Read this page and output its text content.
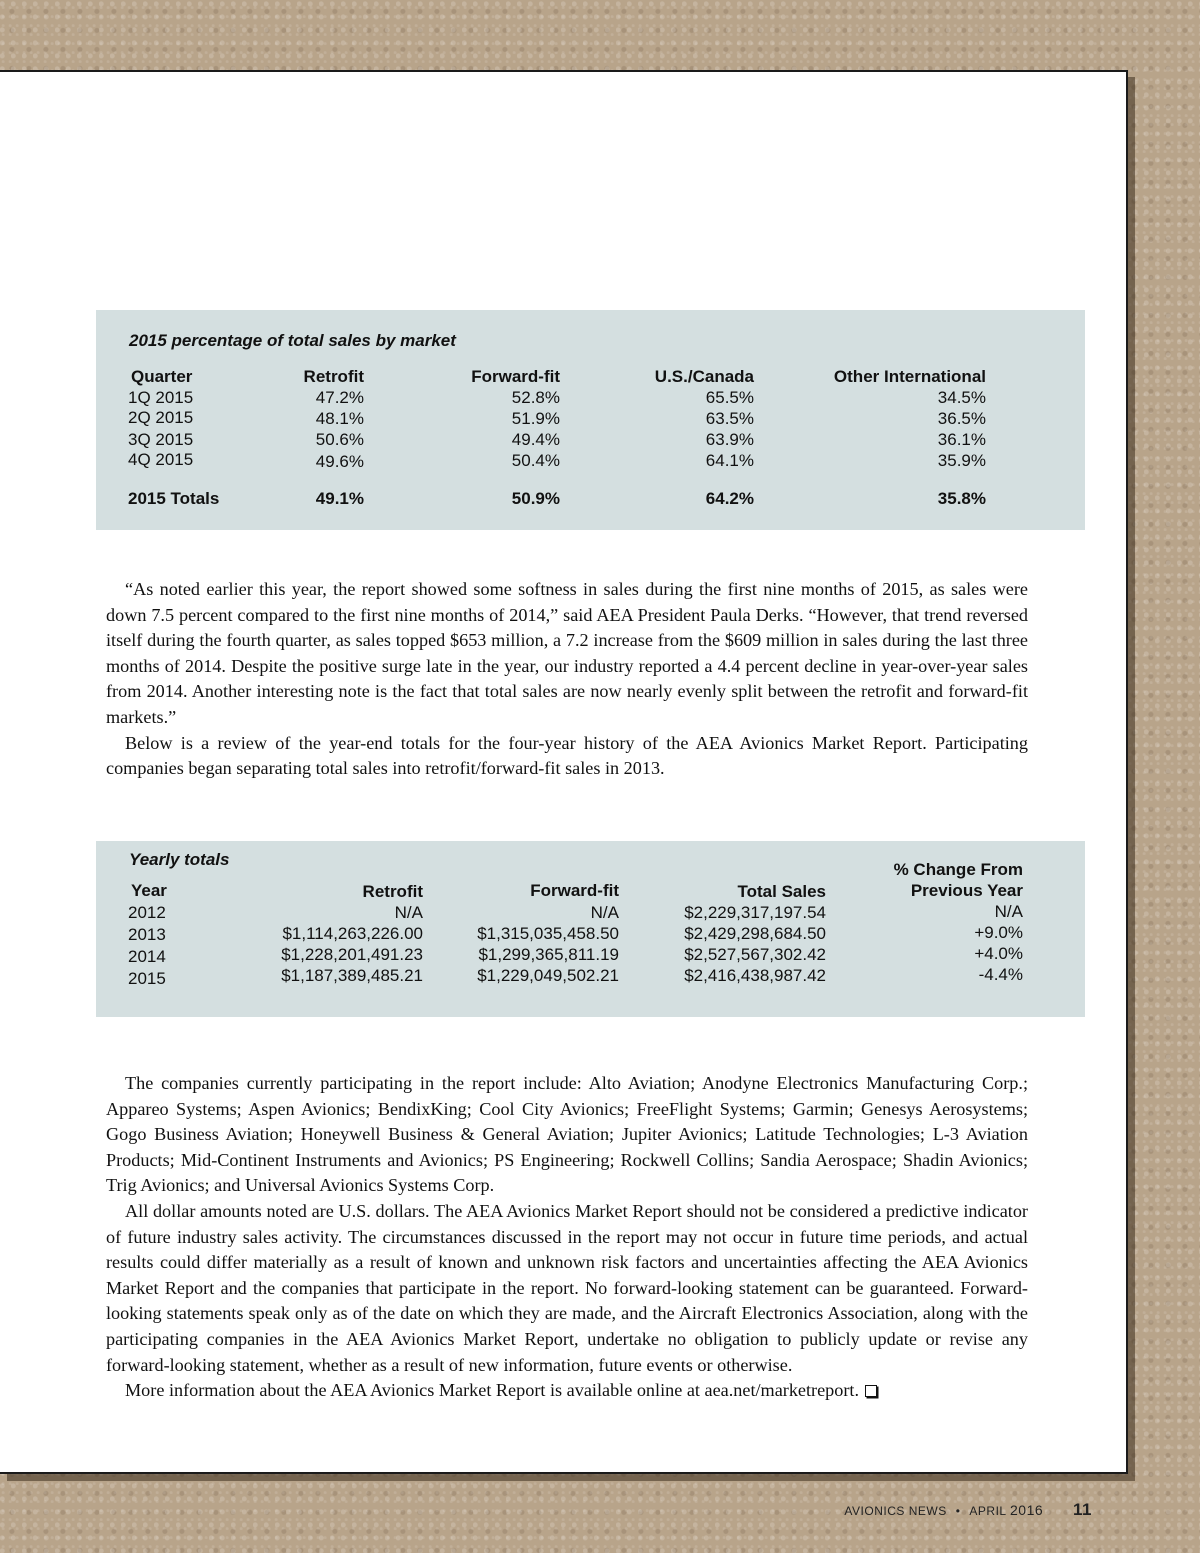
2015 percentage of total sales by market
Quarter	Retrofit	Forward-fit	U.S./Canada	Other International
1Q 2015	47.2%	52.8%	65.5%	34.5%
2Q 2015	48.1%	51.9%	63.5%	36.5%
3Q 2015	50.6%	49.4%	63.9%	36.1%
4Q 2015	49.6%	50.4%	64.1%	35.9%
2015 Totals	49.1%	50.9%	64.2%	35.8%

“As noted earlier this year, the report showed some softness in sales during the first nine months of 2015, as sales were down 7.5 percent compared to the first nine months of 2014,” said AEA President Paula Derks. “However, that trend reversed itself during the fourth quarter, as sales topped $653 million, a 7.2 increase from the $609 million in sales during the last three months of 2014. Despite the positive surge late in the year, our industry reported a 4.4 percent decline in year-over-year sales from 2014. Another interesting note is the fact that total sales are now nearly evenly split between the retrofit and forward-fit markets.”

Below is a review of the year-end totals for the four-year history of the AEA Avionics Market Report. Participating companies began separating total sales into retrofit/forward-fit sales in 2013.

Yearly totals
Year	Retrofit	Forward-fit	Total Sales
% Change From
Previous Year
2012	N/A	N/A	$2,229,317,197.54	N/A
2013	$1,114,263,226.00	$1,315,035,458.50	$2,429,298,684.50	+9.0%
2014	$1,228,201,491.23	$1,299,365,811.19	$2,527,567,302.42	+4.0%
2015	$1,187,389,485.21	$1,229,049,502.21	$2,416,438,987.42	-4.4%

The companies currently participating in the report include: Alto Aviation; Anodyne Electronics Manufacturing Corp.; Appareo Systems; Aspen Avionics; BendixKing; Cool City Avionics; FreeFlight Systems; Garmin; Genesys Aerosystems; Gogo Business Aviation; Honeywell Business & General Aviation; Jupiter Avionics; Latitude Technologies; L-3 Aviation Products; Mid-Continent Instruments and Avionics; PS Engineering; Rockwell Collins; Sandia Aerospace; Shadin Avionics; Trig Avionics; and Universal Avionics Systems Corp.

All dollar amounts noted are U.S. dollars. The AEA Avionics Market Report should not be considered a predictive indicator of future industry sales activity. The circumstances discussed in the report may not occur in future time periods, and actual results could differ materially as a result of known and unknown risk factors and uncertainties affecting the AEA Avionics Market Report and the companies that participate in the report. No forward-looking statement can be guaranteed. Forward-looking statements speak only as of the date on which they are made, and the Aircraft Electronics Association, along with the participating companies in the AEA Avionics Market Report, undertake no obligation to publicly update or revise any forward-looking statement, whether as a result of new information, future events or otherwise.

More information about the AEA Avionics Market Report is available online at aea.net/marketreport.

AVIONICS NEWS • APRIL 2016 11
